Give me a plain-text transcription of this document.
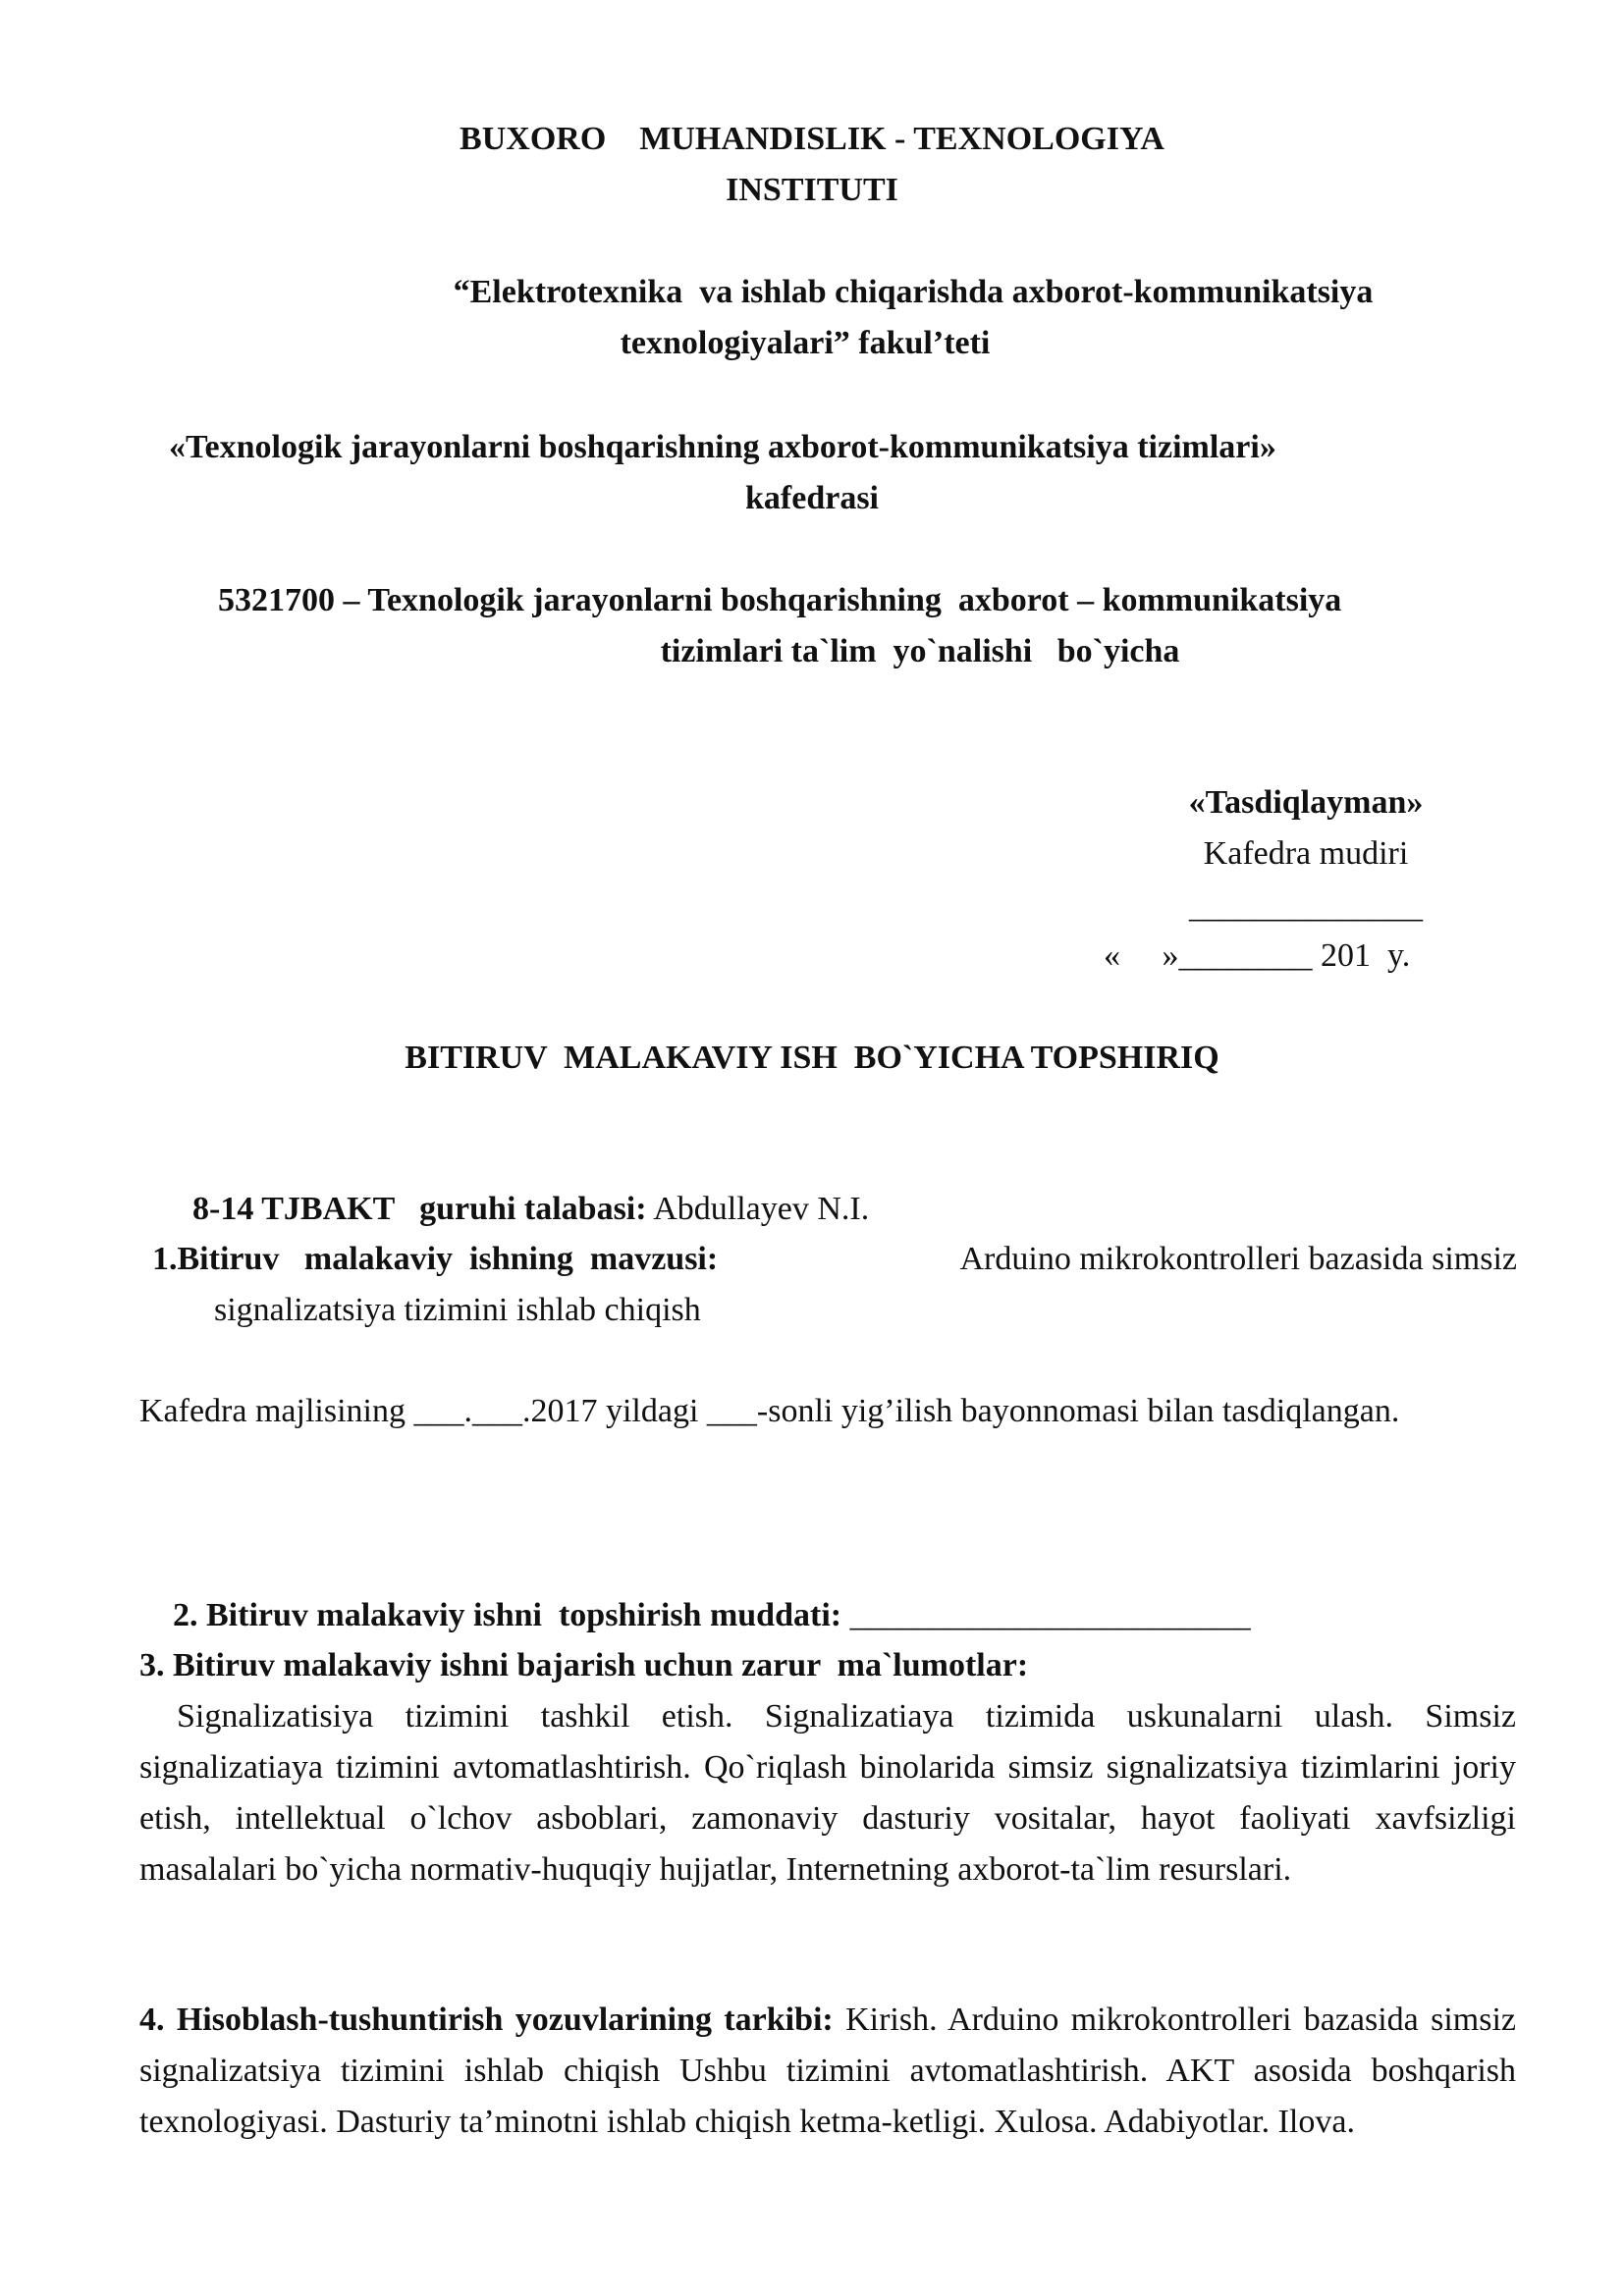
BUXORO    MUHANDISLIK - TEXNOLOGIYA
INSTITUTI
“Elektrotexnika  va ishlab chiqarishda axborot-kommunikatsiya
texnologiyalari” fakul’teti
«Texnologik jarayonlarni boshqarishning axborot-kommunikatsiya tizimlari»
kafedrasi
5321700 – Texnologik jarayonlarni boshqarishning  axborot – kommunikatsiya
tizimlari ta`lim  yo`nalishi   bo`yicha
«Tasdiqlayman»
Kafedra mudiri
______________
«     »________ 201  y.
BITIRUV  MALAKAVIY ISH  BO`YICHA TOPSHIRIQ

8-14 TJBAKT   guruhi talabasi: Abdullayev N.I.

1.Bitiruv   malakaviy  ishning  mavzusi:	Arduino mikrokontrolleri bazasida simsiz
signalizatsiya tizimini ishlab chiqish
Kafedra majlisining ___.___.2017 yildagi ___-sonli yig’ilish bayonnomasi bilan tasdiqlangan.

2. Bitiruv malakaviy ishni  topshirish muddati: ________________________

3. Bitiruv malakaviy ishni bajarish uchun zarur  ma`lumotlar:
Signalizatisiya tizimini tashkil etish. Signalizatiaya tizimida uskunalarni ulash. Simsiz signalizatiaya tizimini avtomatlashtirish. Qo`riqlash binolarida simsiz signalizatsiya tizimlarini joriy etish, intellektual o`lchov asboblari, zamonaviy dasturiy vositalar, hayot faoliyati xavfsizligi masalalari bo`yicha normativ-huquqiy hujjatlar, Internetning axborot-ta`lim resurslari.
4. Hisoblash-tushuntirish yozuvlarining tarkibi: Kirish. Arduino mikrokontrolleri bazasida simsiz signalizatsiya tizimini ishlab chiqish Ushbu tizimini avtomatlashtirish. AKT asosida boshqarish texnologiyasi. Dasturiy ta’minotni ishlab chiqish ketma-ketligi. Xulosa. Adabiyotlar. Ilova.
